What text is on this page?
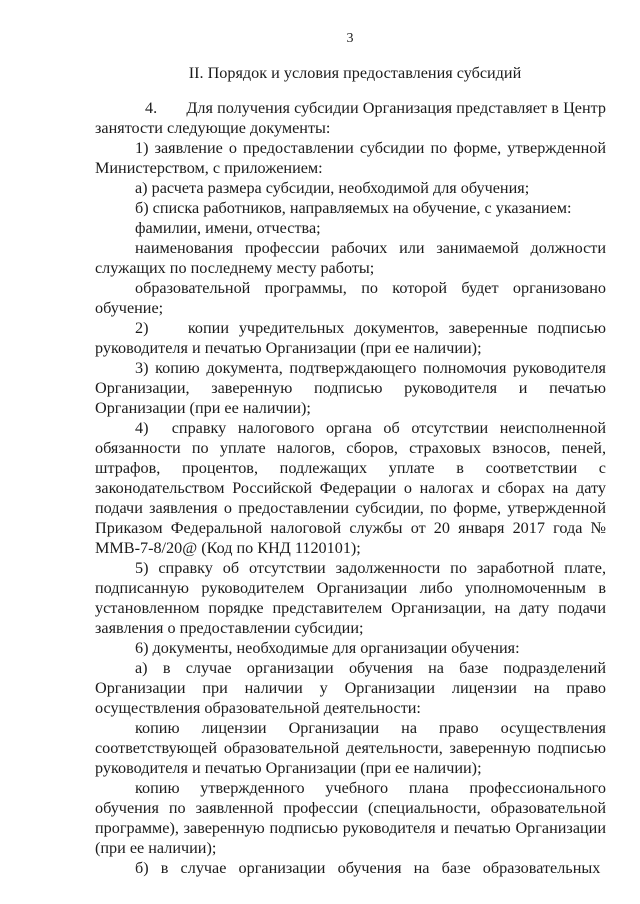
3
II. Порядок и условия предоставления субсидий

4.       Для получения субсидии Организация представляет в Центр занятости следующие документы:

1) заявление о предоставлении субсидии по форме, утвержденной Министерством, с приложением:

а) расчета размера субсидии, необходимой для обучения;

б) списка работников, направляемых на обучение, с указанием:

фамилии, имени, отчества;

наименования профессии рабочих или занимаемой должности служащих по последнему месту работы;

образовательной программы, по которой будет организовано обучение;

2)    копии учредительных документов, заверенные подписью руководителя и печатью Организации (при ее наличии);

3) копию документа, подтверждающего полномочия руководителя Организации, заверенную подписью руководителя и печатью Организации (при ее наличии);

4)  справку налогового органа об отсутствии неисполненной обязанности по уплате налогов, сборов, страховых взносов, пеней, штрафов, процентов, подлежащих уплате в соответствии с законодательством Российской Федерации о налогах и сборах на дату подачи заявления о предоставлении субсидии, по форме, утвержденной Приказом Федеральной налоговой службы от 20 января 2017 года № ММВ-7-8/20@ (Код по КНД 1120101);

5) справку об отсутствии задолженности по заработной плате, подписанную руководителем Организации либо уполномоченным в установленном порядке представителем Организации, на дату подачи заявления о предоставлении субсидии;

6) документы, необходимые для организации обучения:

а) в случае организации обучения на базе подразделений Организации при наличии у Организации лицензии на право осуществления образовательной деятельности:

копию лицензии Организации на право осуществления соответствующей образовательной деятельности, заверенную подписью руководителя и печатью Организации (при ее наличии);

копию утвержденного учебного плана профессионального обучения по заявленной профессии (специальности, образовательной программе), заверенную подписью руководителя и печатью Организации (при ее наличии);

б)   в   случае   организации   обучения   на   базе   образовательных
